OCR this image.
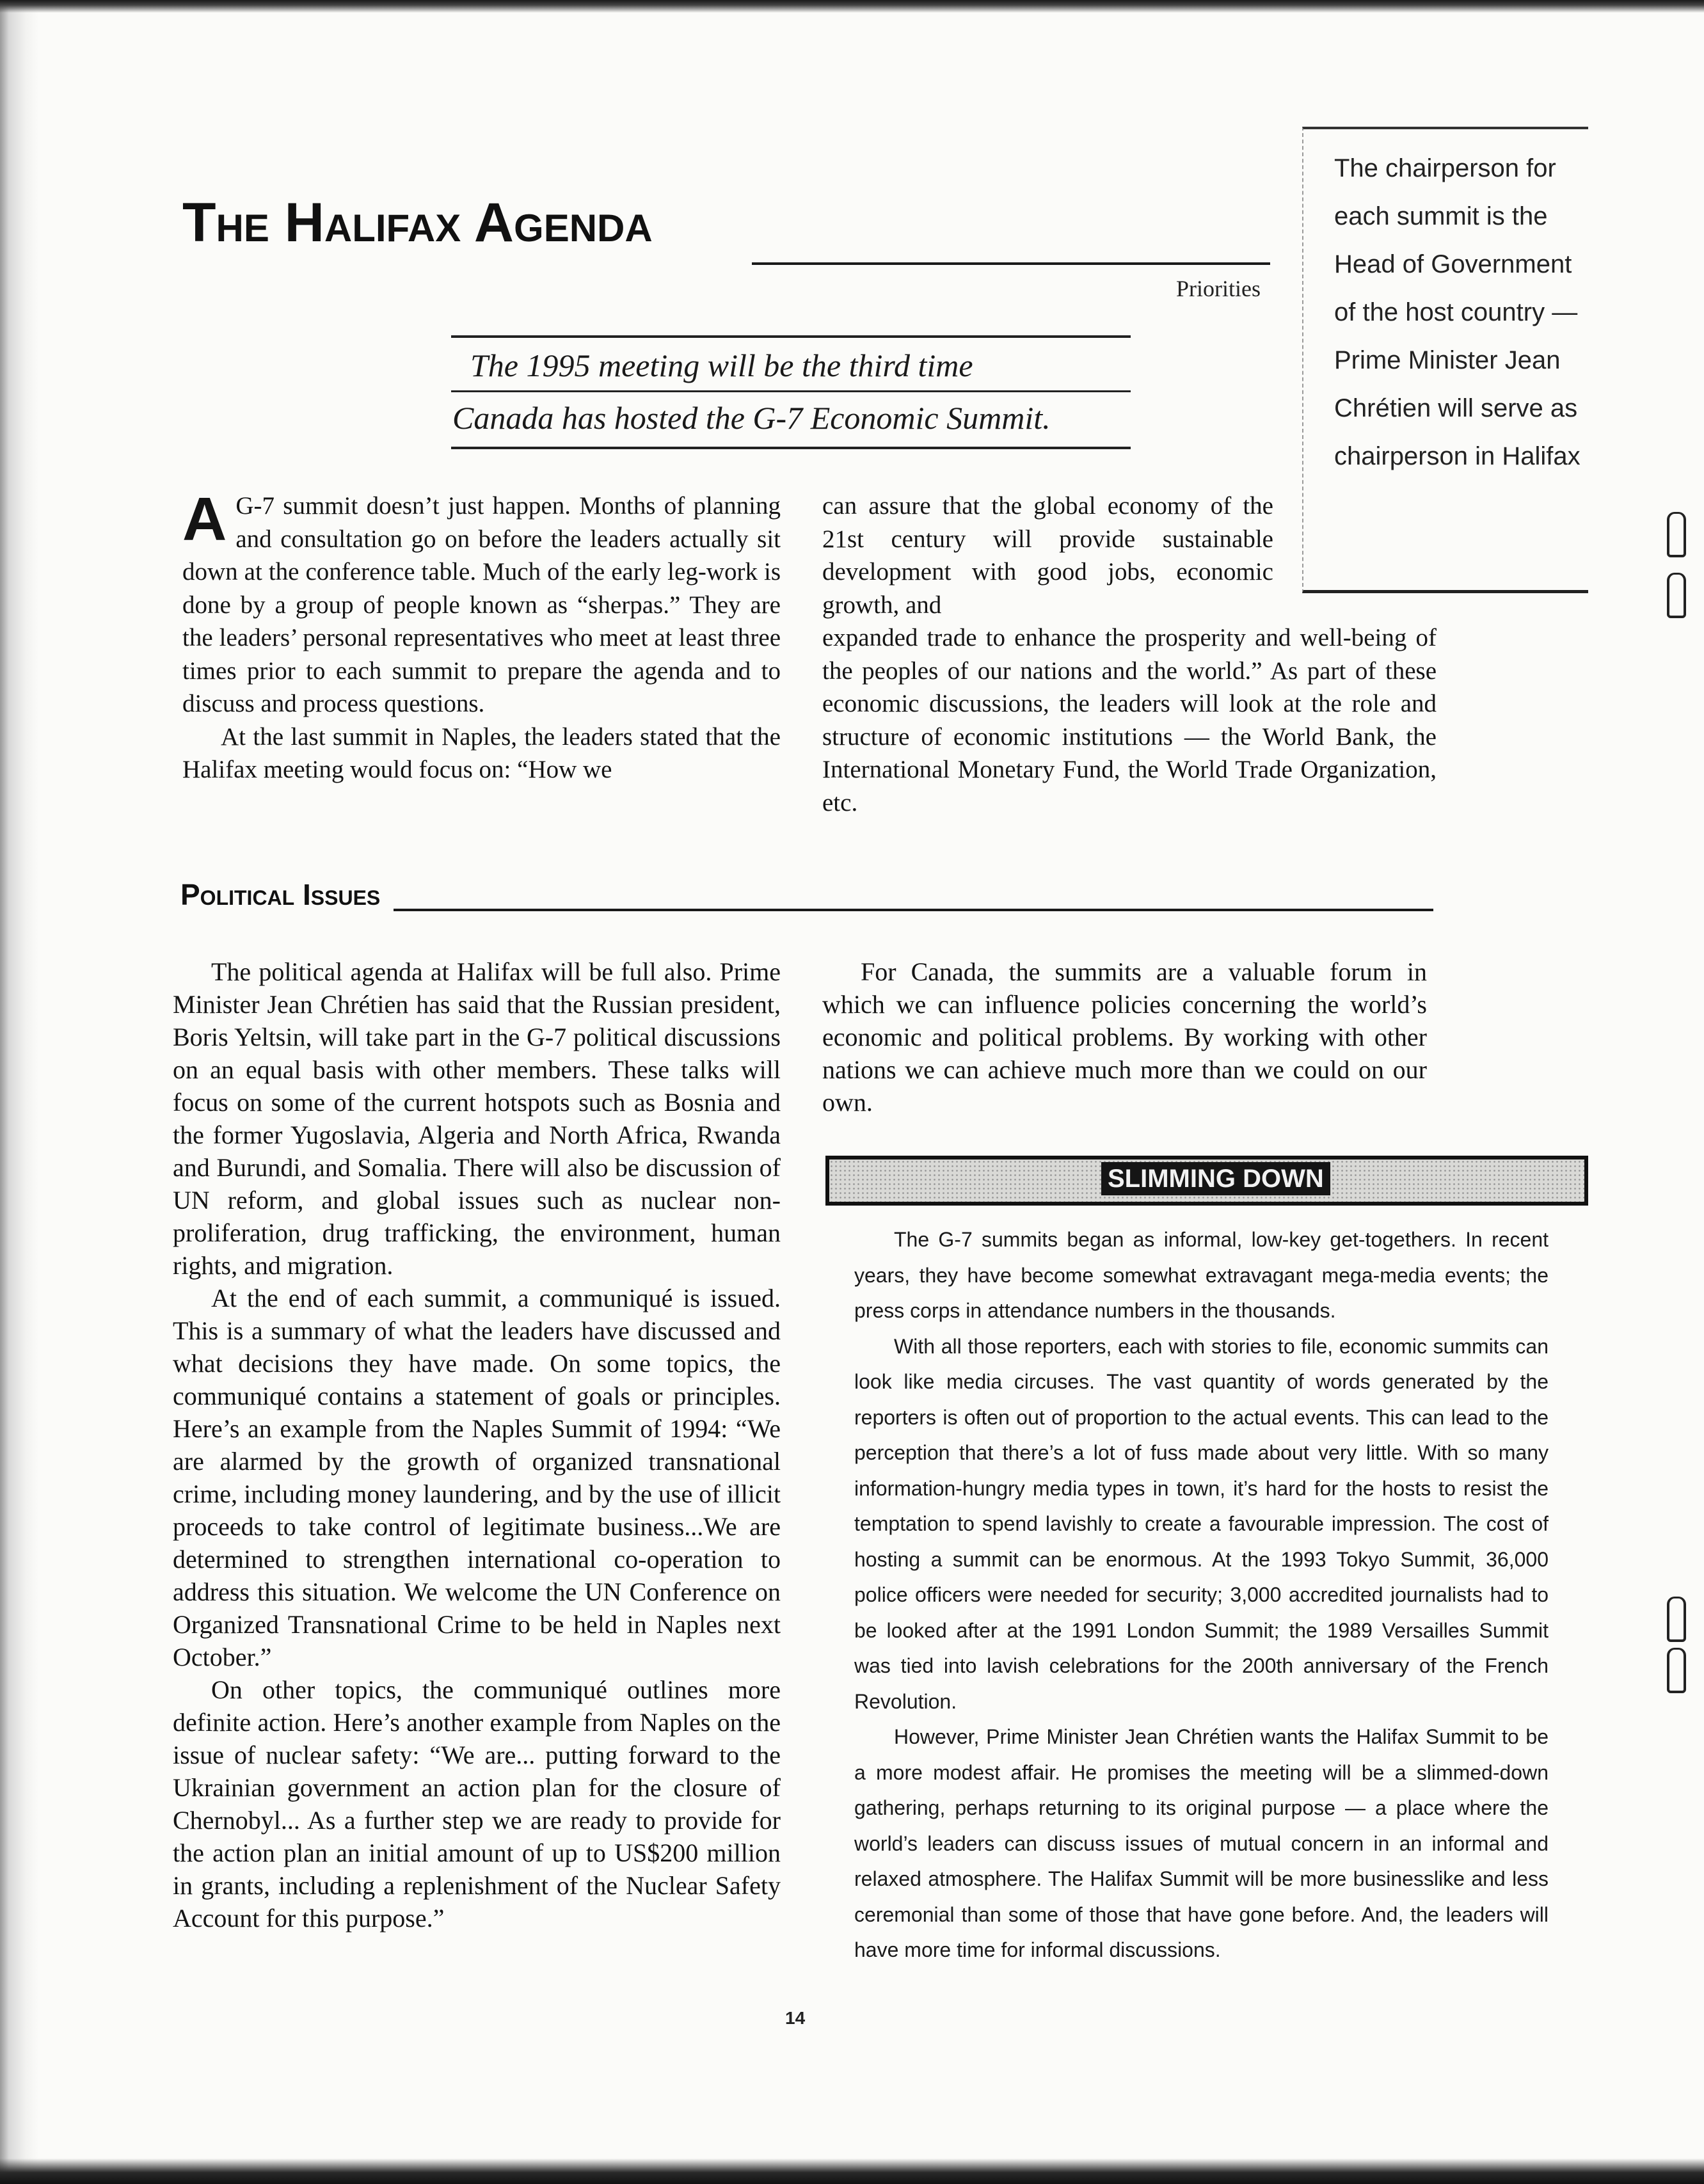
The Halifax Agenda
Priorities
The 1995 meeting will be the third time
Canada has hosted the G-7 Economic Summit.

The chairperson for each summit is the Head of Government of the host country — Prime Minister Jean Chrétien will serve as chairperson in Halifax

A G-7 summit doesn’t just happen. Months of planning and consultation go on before the leaders actually sit down at the conference table. Much of the early leg-work is done by a group of people known as “sherpas.” They are the leaders’ personal representatives who meet at least three times prior to each summit to prepare the agenda and to discuss and process questions.

At the last summit in Naples, the leaders stated that the Halifax meeting would focus on: “How we

can assure that the global economy of the 21st century will provide sustainable development with good jobs, economic growth, and

expanded trade to enhance the prosperity and well-being of the peoples of our nations and the world.” As part of these economic discussions, the leaders will look at the role and structure of economic institutions — the World Bank, the International Monetary Fund, the World Trade Organization, etc.

Political Issues

The political agenda at Halifax will be full also. Prime Minister Jean Chrétien has said that the Russian president, Boris Yeltsin, will take part in the G-7 political discussions on an equal basis with other members. These talks will focus on some of the current hotspots such as Bosnia and the former Yugoslavia, Algeria and North Africa, Rwanda and Burundi, and Somalia. There will also be discussion of UN reform, and global issues such as nuclear non-proliferation, drug trafficking, the environment, human rights, and migration.

At the end of each summit, a communiqué is issued. This is a summary of what the leaders have discussed and what decisions they have made. On some topics, the communiqué contains a statement of goals or principles. Here’s an example from the Naples Summit of 1994: “We are alarmed by the growth of organized transnational crime, including money laundering, and by the use of illicit proceeds to take control of legitimate business...We are determined to strengthen international co-operation to address this situation. We welcome the UN Conference on Organized Transnational Crime to be held in Naples next October.”

On other topics, the communiqué outlines more definite action. Here’s another example from Naples on the issue of nuclear safety: “We are... putting forward to the Ukrainian government an action plan for the closure of Chernobyl... As a further step we are ready to provide for the action plan an initial amount of up to US$200 million in grants, including a replenishment of the Nuclear Safety Account for this purpose.”

For Canada, the summits are a valuable forum in which we can influence policies concerning the world’s economic and political problems. By working with other nations we can achieve much more than we could on our own.

SLIMMING DOWN

The G-7 summits began as informal, low-key get-togethers. In recent years, they have become somewhat extravagant mega-media events; the press corps in attendance numbers in the thousands.

With all those reporters, each with stories to file, economic summits can look like media circuses. The vast quantity of words generated by the reporters is often out of proportion to the actual events. This can lead to the perception that there’s a lot of fuss made about very little. With so many information-hungry media types in town, it’s hard for the hosts to resist the temptation to spend lavishly to create a favourable impression. The cost of hosting a summit can be enormous. At the 1993 Tokyo Summit, 36,000 police officers were needed for security; 3,000 accredited journalists had to be looked after at the 1991 London Summit; the 1989 Versailles Summit was tied into lavish celebrations for the 200th anniversary of the French Revolution.

However, Prime Minister Jean Chrétien wants the Halifax Summit to be a more modest affair. He promises the meeting will be a slimmed-down gathering, perhaps returning to its original purpose — a place where the world’s leaders can discuss issues of mutual concern in an informal and relaxed atmosphere. The Halifax Summit will be more businesslike and less ceremonial than some of those that have gone before. And, the leaders will have more time for informal discussions.

14
